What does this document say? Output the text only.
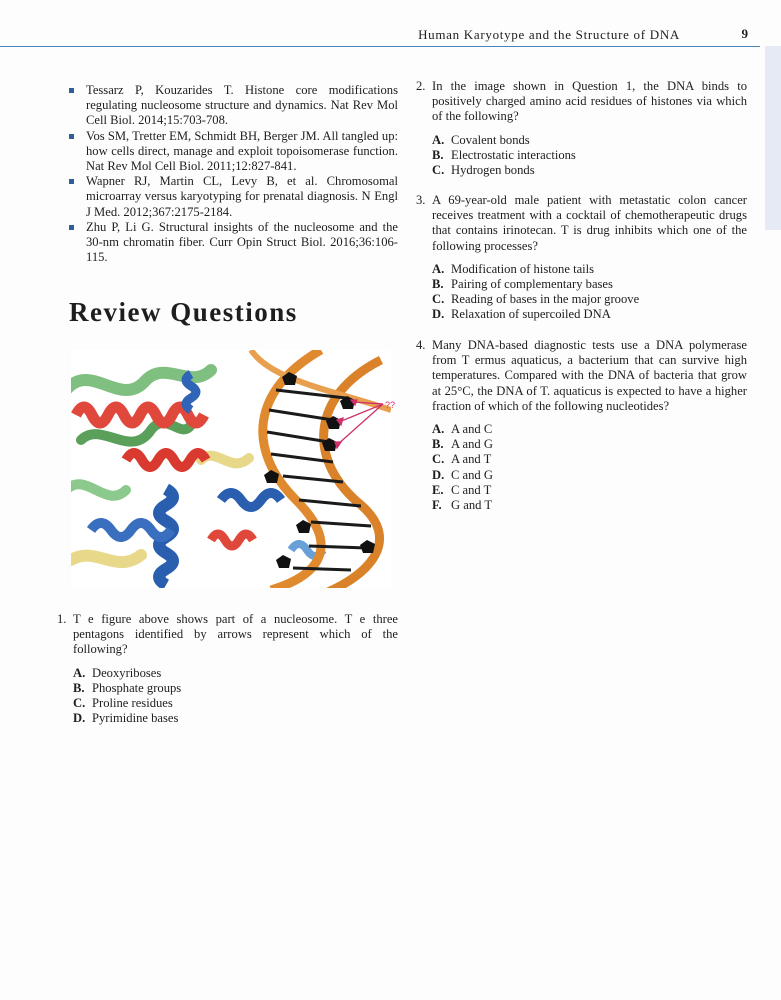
Human Karyotype and the Structure of DNA	9
Tessarz P, Kouzarides T. Histone core modifications regulating nucleosome structure and dynamics. Nat Rev Mol Cell Biol. 2014;15:703-708.
Vos SM, Tretter EM, Schmidt BH, Berger JM. All tangled up: how cells direct, manage and exploit topoisomerase function. Nat Rev Mol Cell Biol. 2011;12:827-841.
Wapner RJ, Martin CL, Levy B, et al. Chromosomal microarray versus karyotyping for prenatal diagnosis. N Engl J Med. 2012;367:2175-2184.
Zhu P, Li G. Structural insights of the nucleosome and the 30-nm chromatin fiber. Curr Opin Struct Biol. 2016;36:106-115.
Review Questions
??
1. T e figure above shows part of a nucleosome. T e three pentagons identified by arrows represent which of the following?
A. Deoxyriboses
B. Phosphate groups
C. Proline residues
D. Pyrimidine bases
2. In the image shown in Question 1, the DNA binds to positively charged amino acid residues of histones via which of the following?
A. Covalent bonds
B. Electrostatic interactions
C. Hydrogen bonds
3. A 69-year-old male patient with metastatic colon cancer receives treatment with a cocktail of chemotherapeutic drugs that contains irinotecan. T is drug inhibits which one of the following processes?
A. Modification of histone tails
B. Pairing of complementary bases
C. Reading of bases in the major groove
D. Relaxation of supercoiled DNA
4. Many DNA-based diagnostic tests use a DNA polymerase from T ermus aquaticus, a bacterium that can survive high temperatures. Compared with the DNA of bacteria that grow at 25°C, the DNA of T. aquaticus is expected to have a higher fraction of which of the following nucleotides?
A. A and C
B. A and G
C. A and T
D. C and G
E. C and T
F. G and T
